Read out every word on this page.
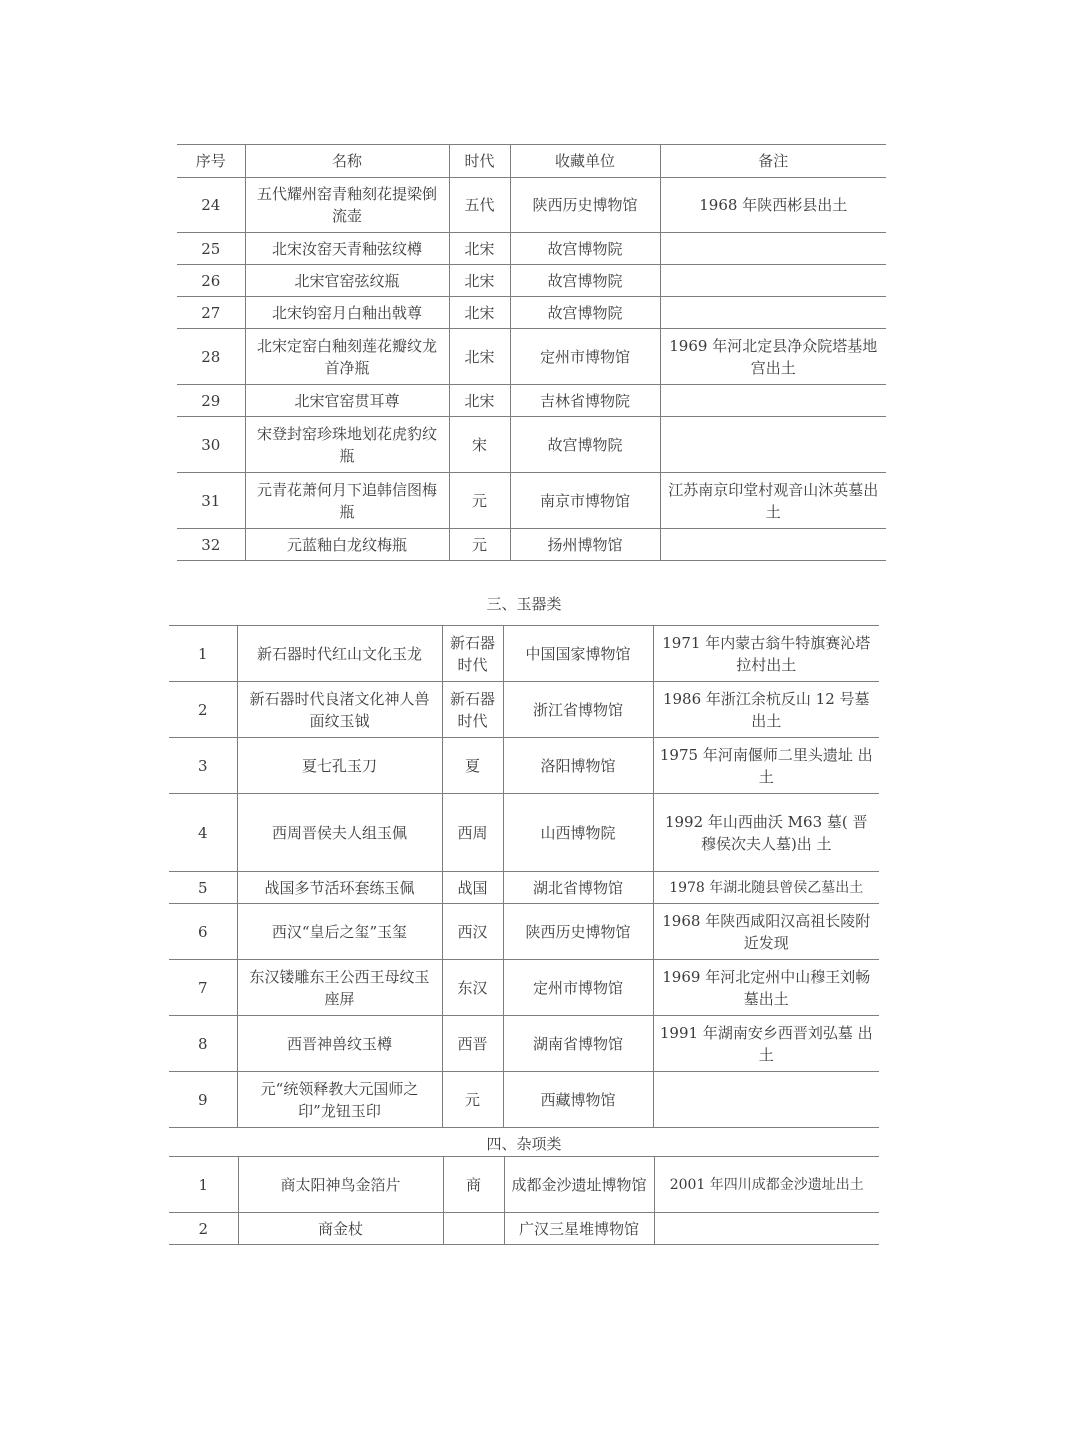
序号	名称	时代	收藏单位	备注
24	五代耀州窑青釉刻花提梁倒流壶	五代	陕西历史博物馆	1968 年陕西彬县出土
25	北宋汝窑天青釉弦纹樽	北宋	故宫博物院	
26	北宋官窑弦纹瓶	北宋	故宫博物院	
27	北宋钧窑月白釉出戟尊	北宋	故宫博物院	
28	北宋定窑白釉刻莲花瓣纹龙首净瓶	北宋	定州市博物馆	1969 年河北定县净众院塔基地 宫出土
29	北宋官窑贯耳尊	北宋	吉林省博物院	
30	宋登封窑珍珠地划花虎豹纹瓶	宋	故宫博物院	
31	元青花萧何月下追韩信图梅瓶	元	南京市博物馆	江苏南京印堂村观音山沐英墓出土
32	元蓝釉白龙纹梅瓶	元	扬州博物馆	
三、玉器类
1	新石器时代红山文化玉龙	新石器时代	中国国家博物馆	1971 年内蒙古翁牛特旗赛沁塔 拉村出土
2	新石器时代良渚文化神人兽面纹玉钺	新石器时代	浙江省博物馆	1986 年浙江余杭反山 12 号墓 出土
3	夏七孔玉刀	夏	洛阳博物馆	1975 年河南偃师二里头遗址 出土
4	西周晋侯夫人组玉佩	西周	山西博物院	1992 年山西曲沃 M63 墓( 晋 穆侯次夫人墓)出 土
5	战国多节活环套练玉佩	战国	湖北省博物馆	1978 年湖北随县曾侯乙墓出土
6	西汉“皇后之玺”玉玺	西汉	陕西历史博物馆	1968 年陕西咸阳汉高祖长陵附 近发现
7	东汉镂雕东王公西王母纹玉座屏	东汉	定州市博物馆	1969 年河北定州中山穆王刘畅 墓出土
8	西晋神兽纹玉樽	西晋	湖南省博物馆	1991 年湖南安乡西晋刘弘墓 出土
9	元“统领释教大元国师之印”龙钮玉印	元	西藏博物馆	
四、杂项类
1	商太阳神鸟金箔片	商	成都金沙遗址博物馆	2001 年四川成都金沙遗址出土
2	商金杖		广汉三星堆博物馆	
